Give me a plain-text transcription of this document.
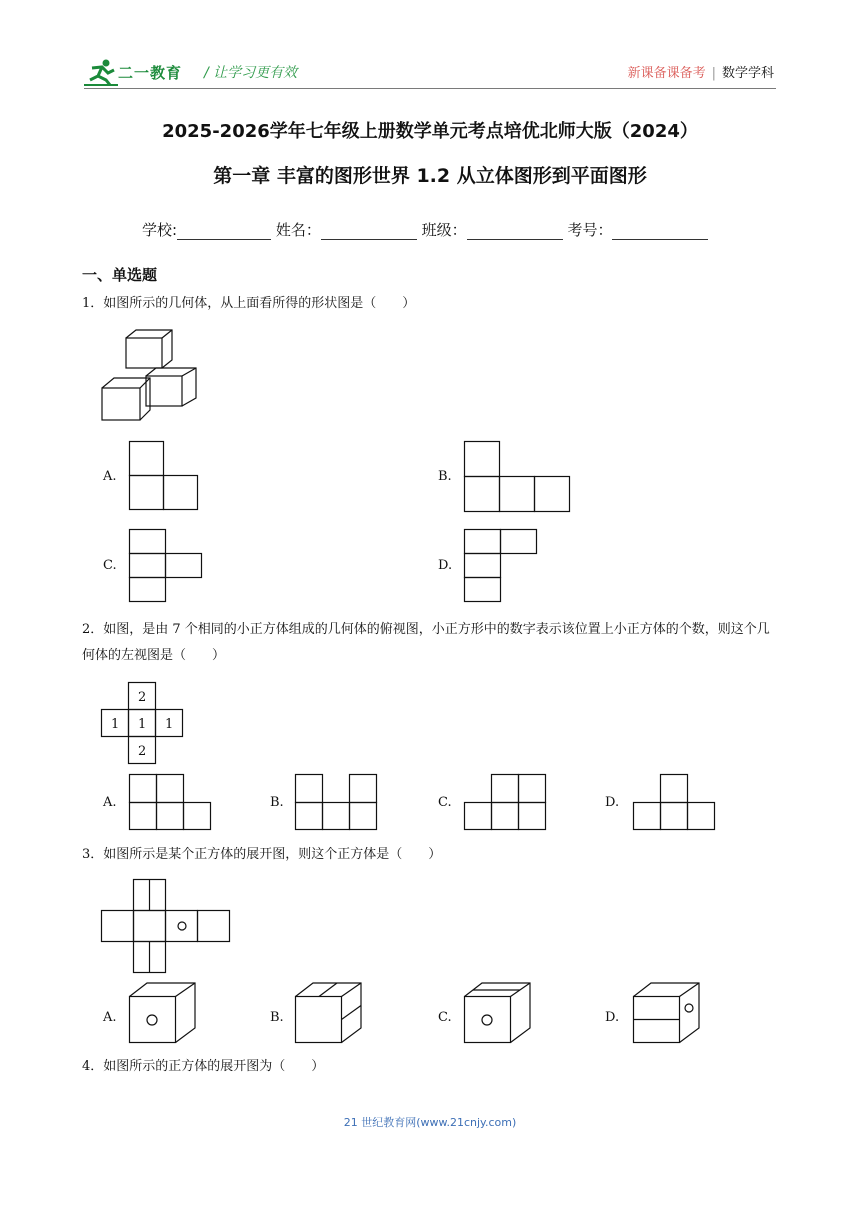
二一教育 / 让学习更有效	新课备课备考 | 数学学科
2025-2026学年七年级上册数学单元考点培优北师大版（2024）
第一章 丰富的图形世界 1.2 从立体图形到平面图形
学校:	姓名：	班级：	考号：
一、单选题
1．如图所示的几何体，从上面看所得的形状图是（　　）
A.	B.
C.	D.
2．如图，是由 7 个相同的小正方体组成的几何体的俯视图，小正方形中的数字表示该位置上小正方体的个数，则这个几何体的左视图是（　　）
2
1 1 1
2
A.	B.	C.	D.
3．如图所示是某个正方体的展开图，则这个正方体是（　　）
A.	B.	C.	D.
4．如图所示的正方体的展开图为（　　）
21 世纪教育网(www.21cnjy.com)
